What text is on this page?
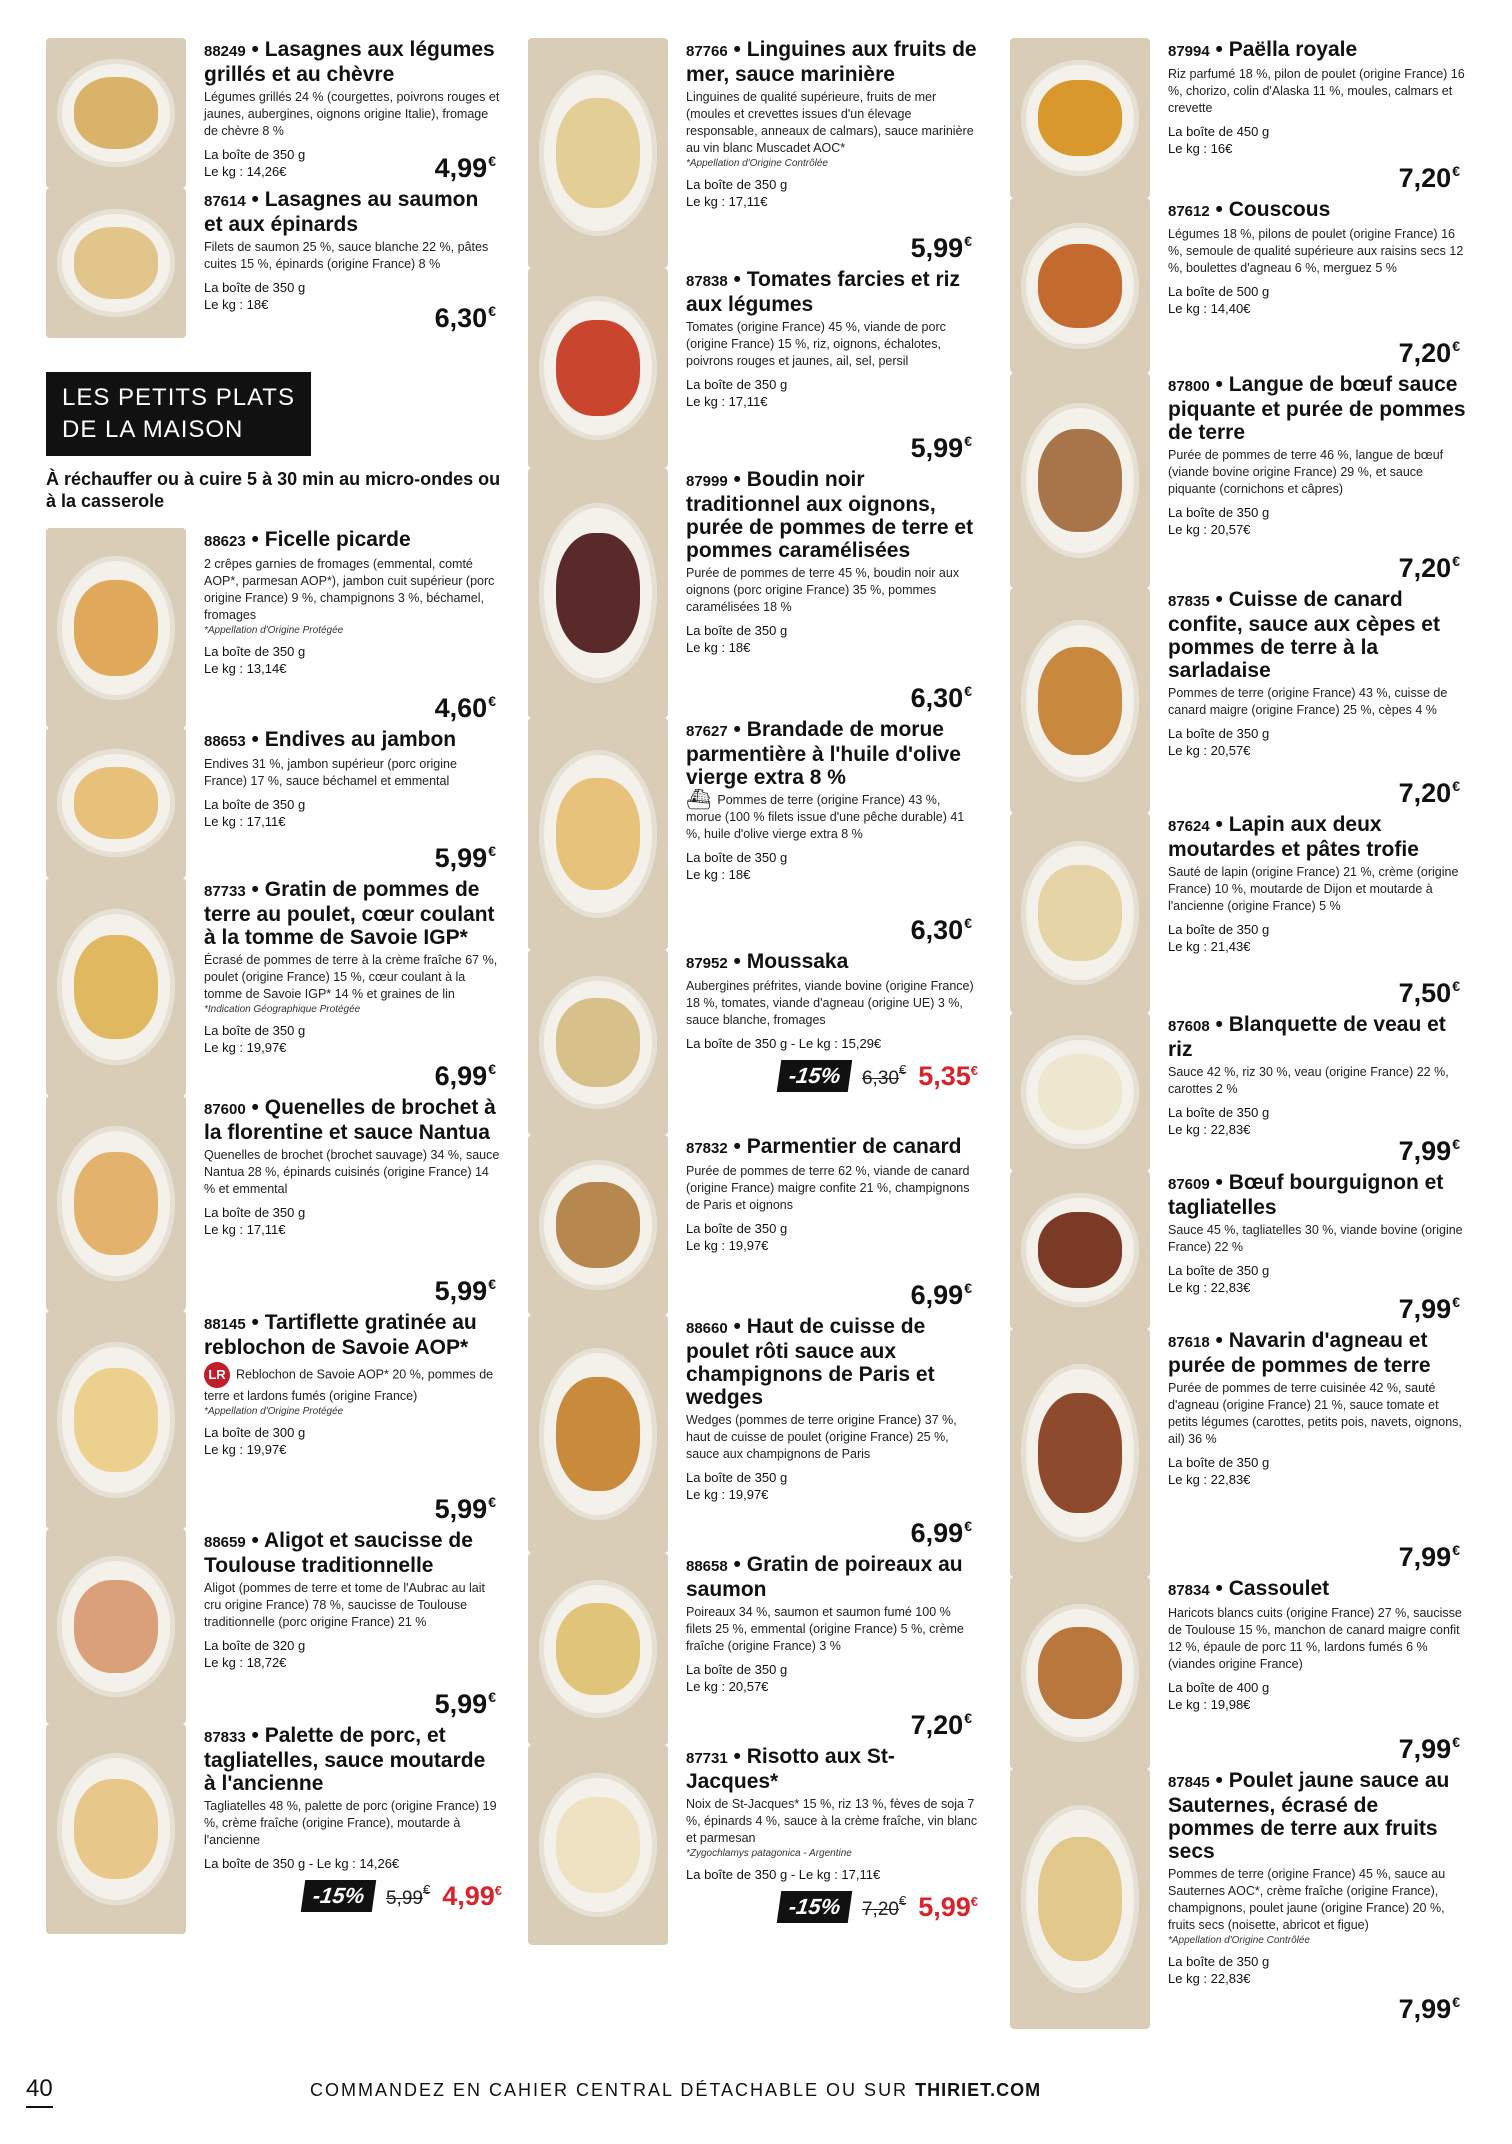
88249 • Lasagnes aux légumes grillés et au chèvre
Légumes grillés 24 % (courgettes, poivrons rouges et jaunes, aubergines, oignons origine Italie), fromage de chèvre 8 %
La boîte de 350 g
Le kg : 14,26€	4,99€
87614 • Lasagnes au saumon et aux épinards
Filets de saumon 25 %, sauce blanche 22 %, pâtes cuites 15 %, épinards (origine France) 8 %
La boîte de 350 g
Le kg : 18€	6,30€
LES PETITS PLATS
DE LA MAISON
À réchauffer ou à cuire 5 à 30 min au micro-ondes ou à la casserole
88623 • Ficelle picarde
2 crêpes garnies de fromages (emmental, comté AOP*, parmesan AOP*), jambon cuit supérieur (porc origine France) 9 %, champignons 3 %, béchamel, fromages
*Appellation d'Origine Protégée
La boîte de 350 g
Le kg : 13,14€
4,60€
88653 • Endives au jambon
Endives 31 %, jambon supérieur (porc origine France) 17 %, sauce béchamel et emmental
La boîte de 350 g
Le kg : 17,11€
5,99€
87733 • Gratin de pommes de terre au poulet, cœur coulant à la tomme de Savoie IGP*
Écrasé de pommes de terre à la crème fraîche 67 %, poulet (origine France) 15 %, cœur coulant à la tomme de Savoie IGP* 14 % et graines de lin
*Indication Géographique Protégée
La boîte de 350 g
Le kg : 19,97€
6,99€
87600 • Quenelles de brochet à la florentine et sauce Nantua
Quenelles de brochet (brochet sauvage) 34 %, sauce Nantua 28 %, épinards cuisinés (origine France) 14 % et emmental
La boîte de 350 g
Le kg : 17,11€
5,99€
88145 • Tartiflette gratinée au reblochon de Savoie AOP*
LR Reblochon de Savoie AOP* 20 %, pommes de terre et lardons fumés (origine France)
*Appellation d'Origine Protégée
La boîte de 300 g
Le kg : 19,97€
5,99€
88659 • Aligot et saucisse de Toulouse traditionnelle
Aligot (pommes de terre et tome de l'Aubrac au lait cru origine France) 78 %, saucisse de Toulouse traditionnelle (porc origine France) 21 %
La boîte de 320 g
Le kg : 18,72€
5,99€
87833 • Palette de porc, et tagliatelles, sauce moutarde à l'ancienne
Tagliatelles 48 %, palette de porc (origine France) 19 %, crème fraîche (origine France), moutarde à l'ancienne
La boîte de 350 g - Le kg : 14,26€
-15%	5,99€ 4,99€
87766 • Linguines aux fruits de mer, sauce marinière
Linguines de qualité supérieure, fruits de mer (moules et crevettes issues d'un élevage responsable, anneaux de calmars), sauce marinière au vin blanc Muscadet AOC*
*Appellation d'Origine Contrôlée
La boîte de 350 g
Le kg : 17,11€
5,99€
87838 • Tomates farcies et riz aux légumes
Tomates (origine France) 45 %, viande de porc (origine France) 15 %, riz, oignons, échalotes, poivrons rouges et jaunes, ail, sel, persil
La boîte de 350 g
Le kg : 17,11€
5,99€
87999 • Boudin noir traditionnel aux oignons, purée de pommes de terre et pommes caramélisées
Purée de pommes de terre 45 %, boudin noir aux oignons (porc origine France) 35 %, pommes caramélisées 18 %
La boîte de 350 g
Le kg : 18€
6,30€
87627 • Brandade de morue parmentière à l'huile d'olive vierge extra 8 %
⛴ Pommes de terre (origine France) 43 %, morue (100 % filets issue d'une pêche durable) 41 %, huile d'olive vierge extra 8 %
La boîte de 350 g
Le kg : 18€
6,30€
87952 • Moussaka
Aubergines préfrites, viande bovine (origine France) 18 %, tomates, viande d'agneau (origine UE) 3 %, sauce blanche, fromages
La boîte de 350 g - Le kg : 15,29€
-15%	6,30€ 5,35€
87832 • Parmentier de canard
Purée de pommes de terre 62 %, viande de canard (origine France) maigre confite 21 %, champignons de Paris et oignons
La boîte de 350 g
Le kg : 19,97€
6,99€
88660 • Haut de cuisse de poulet rôti sauce aux champignons de Paris et wedges
Wedges (pommes de terre origine France) 37 %, haut de cuisse de poulet (origine France) 25 %, sauce aux champignons de Paris
La boîte de 350 g
Le kg : 19,97€
6,99€
88658 • Gratin de poireaux au saumon
Poireaux 34 %, saumon et saumon fumé 100 % filets 25 %, emmental (origine France) 5 %, crème fraîche (origine France) 3 %
La boîte de 350 g
Le kg : 20,57€
7,20€
87731 • Risotto aux St-Jacques*
Noix de St-Jacques* 15 %, riz 13 %, fèves de soja 7 %, épinards 4 %, sauce à la crème fraîche, vin blanc et parmesan
*Zygochlamys patagonica - Argentine
La boîte de 350 g - Le kg : 17,11€
-15%	7,20€ 5,99€
87994 • Paëlla royale
Riz parfumé 18 %, pilon de poulet (origine France) 16 %, chorizo, colin d'Alaska 11 %, moules, calmars et crevette
La boîte de 450 g
Le kg : 16€
7,20€
87612 • Couscous
Légumes 18 %, pilons de poulet (origine France) 16 %, semoule de qualité supérieure aux raisins secs 12 %, boulettes d'agneau 6 %, merguez 5 %
La boîte de 500 g
Le kg : 14,40€
7,20€
87800 • Langue de bœuf sauce piquante et purée de pommes de terre
Purée de pommes de terre 46 %, langue de bœuf (viande bovine origine France) 29 %, et sauce piquante (cornichons et câpres)
La boîte de 350 g
Le kg : 20,57€
7,20€
87835 • Cuisse de canard confite, sauce aux cèpes et pommes de terre à la sarladaise
Pommes de terre (origine France) 43 %, cuisse de canard maigre (origine France) 25 %, cèpes 4 %
La boîte de 350 g
Le kg : 20,57€
7,20€
87624 • Lapin aux deux moutardes et pâtes trofie
Sauté de lapin (origine France) 21 %, crème (origine France) 10 %, moutarde de Dijon et moutarde à l'ancienne (origine France) 5 %
La boîte de 350 g
Le kg : 21,43€
7,50€
87608 • Blanquette de veau et riz
Sauce 42 %, riz 30 %, veau (origine France) 22 %, carottes 2 %
La boîte de 350 g
Le kg : 22,83€
7,99€
87609 • Bœuf bourguignon et tagliatelles
Sauce 45 %, tagliatelles 30 %, viande bovine (origine France) 22 %
La boîte de 350 g
Le kg : 22,83€
7,99€
87618 • Navarin d'agneau et purée de pommes de terre
Purée de pommes de terre cuisinée 42 %, sauté d'agneau (origine France) 21 %, sauce tomate et petits légumes (carottes, petits pois, navets, oignons, ail) 36 %
La boîte de 350 g
Le kg : 22,83€
7,99€
87834 • Cassoulet
Haricots blancs cuits (origine France) 27 %, saucisse de Toulouse 15 %, manchon de canard maigre confit 12 %, épaule de porc 11 %, lardons fumés 6 % (viandes origine France)
La boîte de 400 g
Le kg : 19,98€
7,99€
87845 • Poulet jaune sauce au Sauternes, écrasé de pommes de terre aux fruits secs
Pommes de terre (origine France) 45 %, sauce au Sauternes AOC*, crème fraîche (origine France), champignons, poulet jaune (origine France) 20 %, fruits secs (noisette, abricot et figue)
*Appellation d'Origine Contrôlée
La boîte de 350 g
Le kg : 22,83€
7,99€
40	COMMANDEZ EN CAHIER CENTRAL DÉTACHABLE OU SUR THIRIET.COM
